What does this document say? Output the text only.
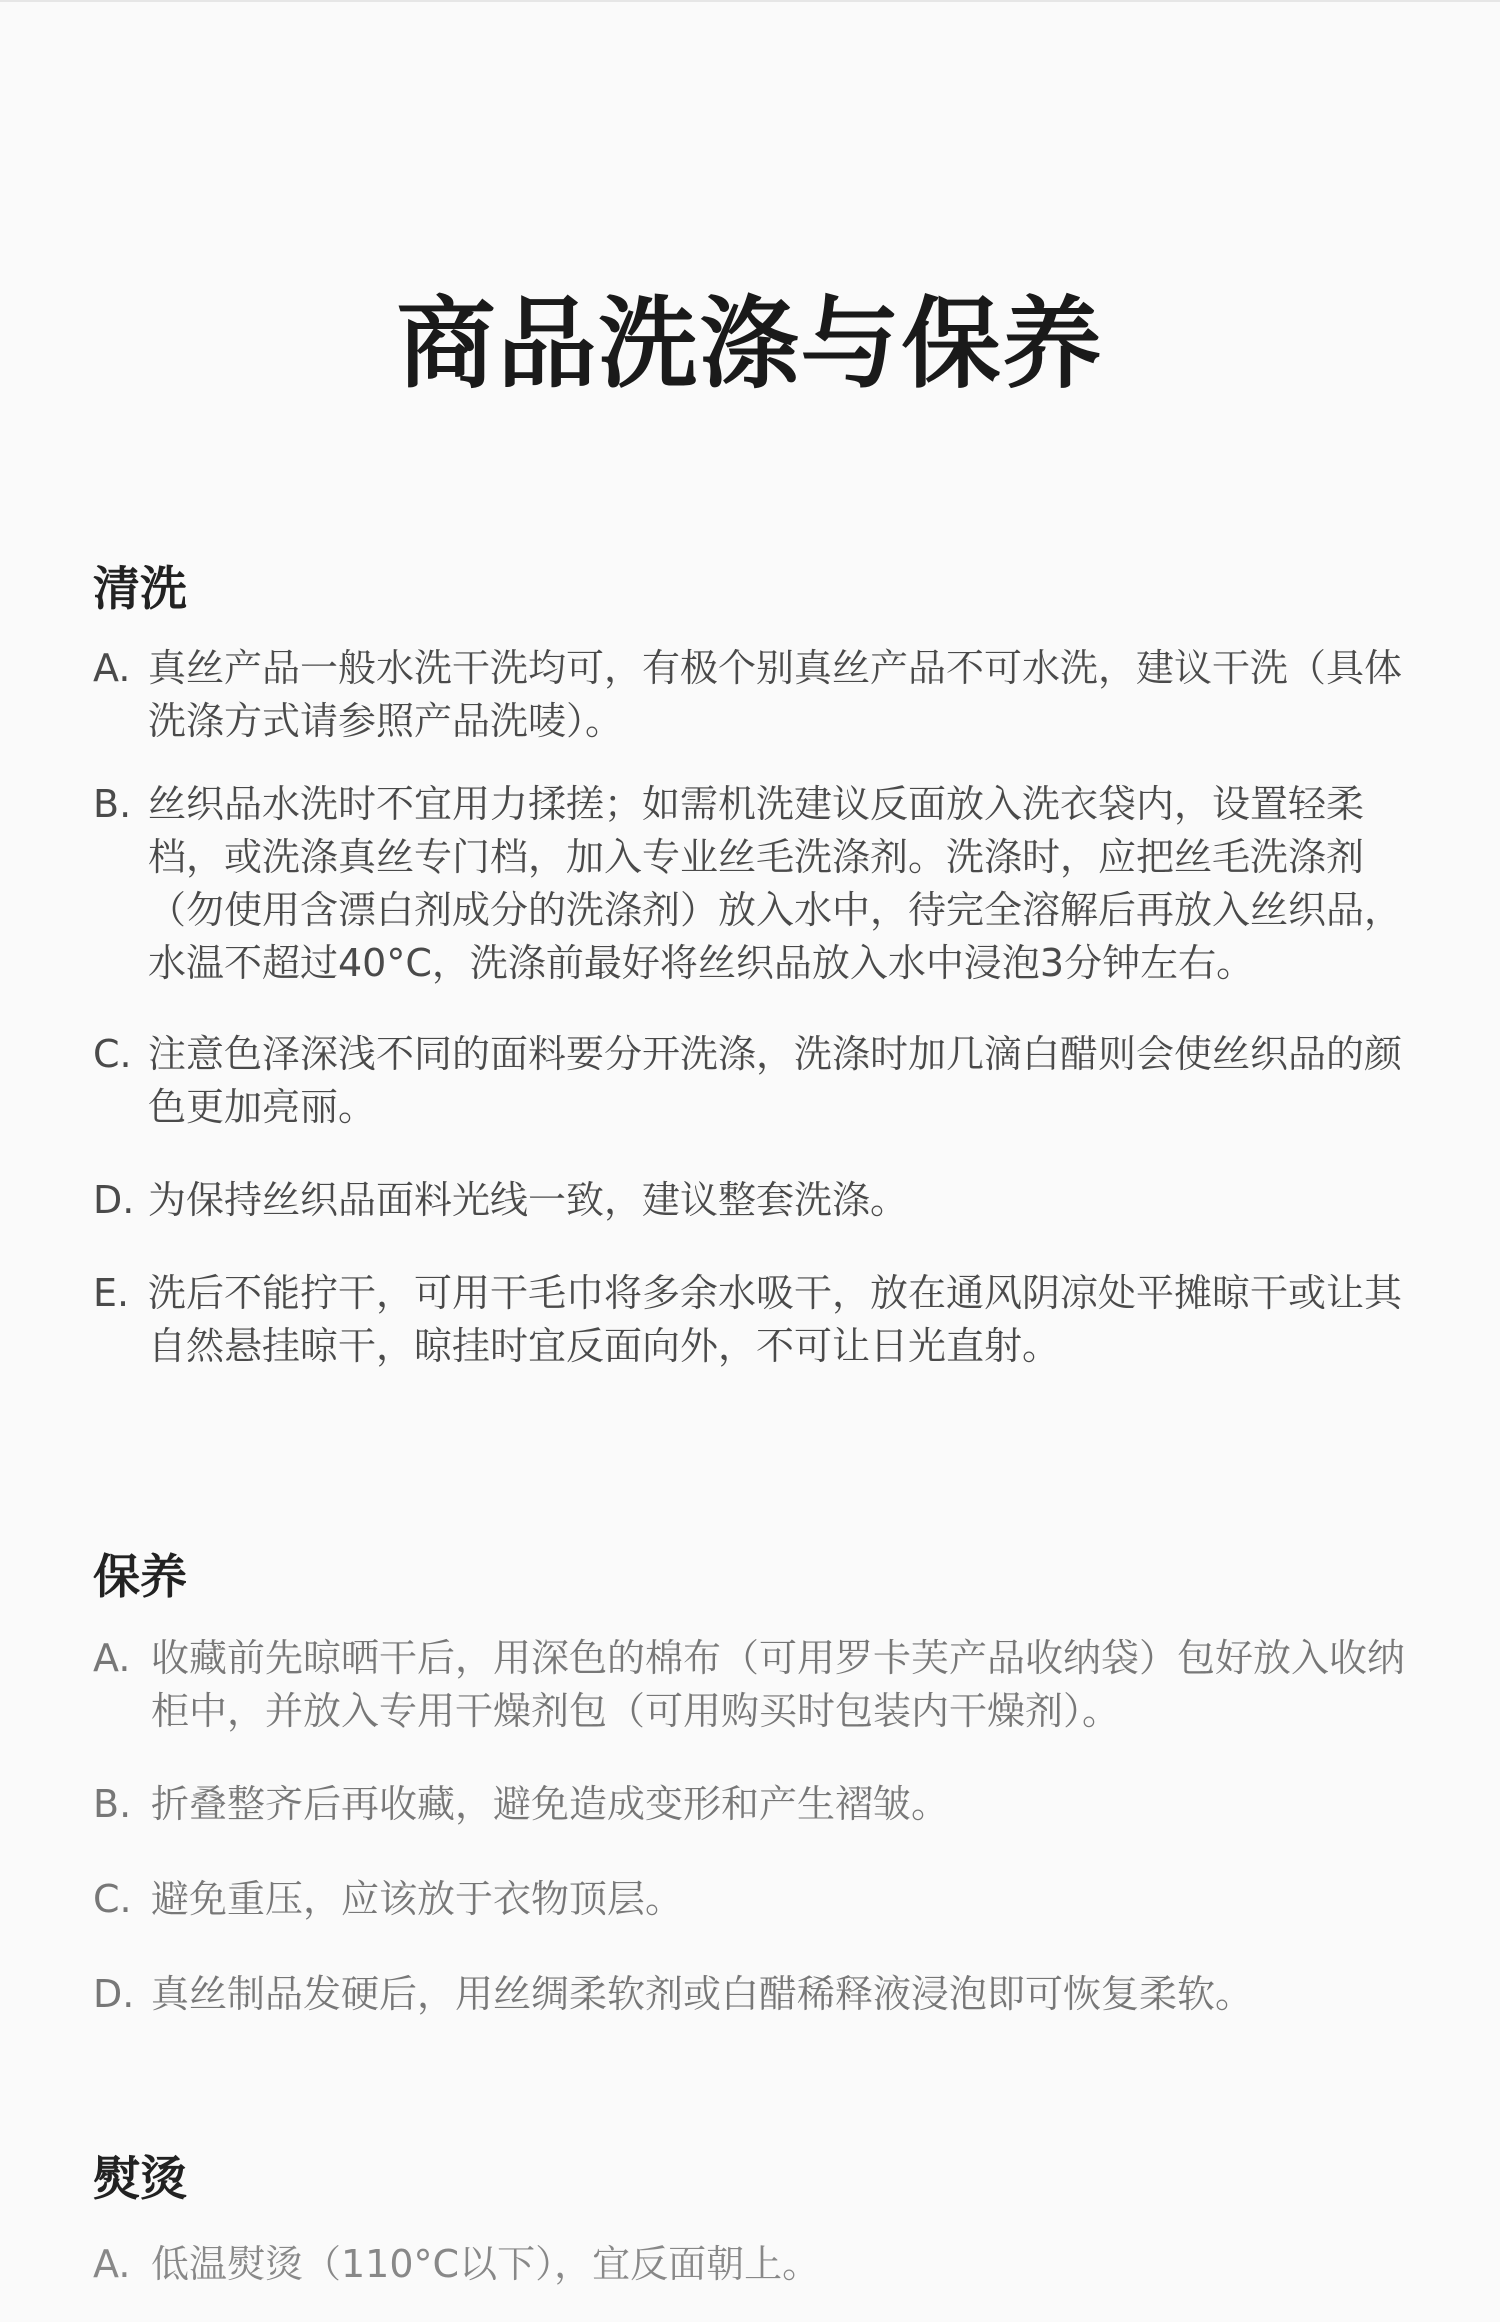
商品洗涤与保养
清洗
A. 真丝产品一般水洗干洗均可，有极个别真丝产品不可水洗，建议干洗（具体洗涤方式请参照产品洗唛）。
B. 丝织品水洗时不宜用力揉搓；如需机洗建议反面放入洗衣袋内，设置轻柔档，或洗涤真丝专门档，加入专业丝毛洗涤剂。洗涤时，应把丝毛洗涤剂（勿使用含漂白剂成分的洗涤剂）放入水中，待完全溶解后再放入丝织品，水温不超过40°C，洗涤前最好将丝织品放入水中浸泡3分钟左右。
C. 注意色泽深浅不同的面料要分开洗涤，洗涤时加几滴白醋则会使丝织品的颜色更加亮丽。
D. 为保持丝织品面料光线一致，建议整套洗涤。
E. 洗后不能拧干，可用干毛巾将多余水吸干，放在通风阴凉处平摊晾干或让其自然悬挂晾干，晾挂时宜反面向外，不可让日光直射。
保养
A. 收藏前先晾晒干后，用深色的棉布（可用罗卡芙产品收纳袋）包好放入收纳柜中，并放入专用干燥剂包（可用购买时包装内干燥剂）。
B. 折叠整齐后再收藏，避免造成变形和产生褶皱。
C. 避免重压，应该放于衣物顶层。
D. 真丝制品发硬后，用丝绸柔软剂或白醋稀释液浸泡即可恢复柔软。
熨烫
A. 低温熨烫（110°C以下），宜反面朝上。
